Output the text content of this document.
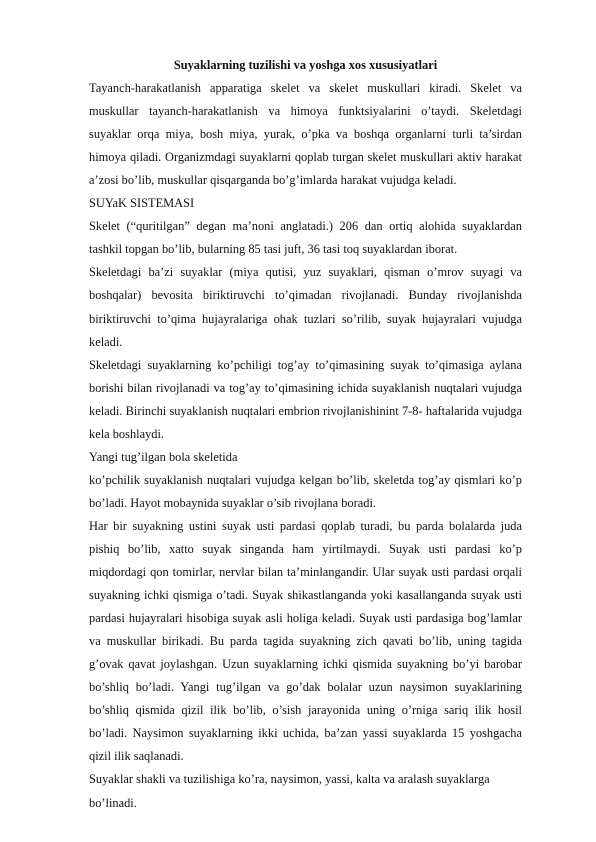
Suyaklarning tuzilishi va yoshga xos xususiyatlari

Tayanch-harakatlanish apparatiga skelet va skelet muskullari kiradi. Skelet va muskullar tayanch-harakatlanish va himoya funktsiyalarini o’taydi. Skeletdagi suyaklar orqa miya, bosh miya, yurak, o’pka va boshqa organlarni turli ta’sirdan himoya qiladi. Organizmdagi suyaklarni qoplab turgan skelet muskullari aktiv harakat a’zosi bo’lib, muskullar qisqarganda bo’g’imlarda harakat vujudga keladi.

SUYaK SISTEMASI

Skelet (“quritilgan” degan ma’noni anglatadi.) 206 dan ortiq alohida suyaklardan tashkil topgan bo’lib, bularning 85 tasi juft, 36 tasi toq suyaklardan iborat.

Skeletdagi ba’zi suyaklar (miya qutisi, yuz suyaklari, qisman o’mrov suyagi va boshqalar) bevosita biriktiruvchi to’qimadan rivojlanadi. Bunday rivojlanishda biriktiruvchi to’qima hujayralariga ohak tuzlari so’rilib, suyak hujayralari vujudga keladi.

Skeletdagi suyaklarning ko’pchiligi tog’ay to’qimasining suyak to’qimasiga aylana borishi bilan rivojlanadi va tog’ay to’qimasining ichida suyaklanish nuqtalari vujudga keladi. Birinchi suyaklanish nuqtalari embrion rivojlanishinint 7-8- haftalarida vujudga kela boshlaydi.

Yangi tug’ilgan bola skeletida

ko’pchilik suyaklanish nuqtalari vujudga kelgan bo’lib, skeletda tog’ay qismlari ko’p bo’ladi. Hayot mobaynida suyaklar o’sib rivojlana boradi.

Har bir suyakning ustini suyak usti pardasi qoplab turadi, bu parda bolalarda juda pishiq bo’lib, xatto suyak singanda ham yirtilmaydi. Suyak usti pardasi ko’p miqdordagi qon tomirlar, nervlar bilan ta’minlangandir. Ular suyak usti pardasi orqali suyakning ichki qismiga o’tadi. Suyak shikastlanganda yoki kasallanganda suyak usti pardasi hujayralari hisobiga suyak asli holiga keladi. Suyak usti pardasiga bog’lamlar va muskullar birikadi. Bu parda tagida suyakning zich qavati bo’lib, uning tagida g’ovak qavat joylashgan. Uzun suyaklarning ichki qismida suyakning bo’yi barobar bo’shliq bo’ladi. Yangi tug’ilgan va go’dak bolalar uzun naysimon suyaklarining bo’shliq qismida qizil ilik bo’lib, o’sish jarayonida uning o’rniga sariq ilik hosil bo’ladi. Naysimon suyaklarning ikki uchida, ba’zan yassi suyaklarda 15 yoshgacha qizil ilik saqlanadi.

Suyaklar shakli va tuzilishiga ko’ra, naysimon, yassi, kalta va aralash suyaklarga bo’linadi.
